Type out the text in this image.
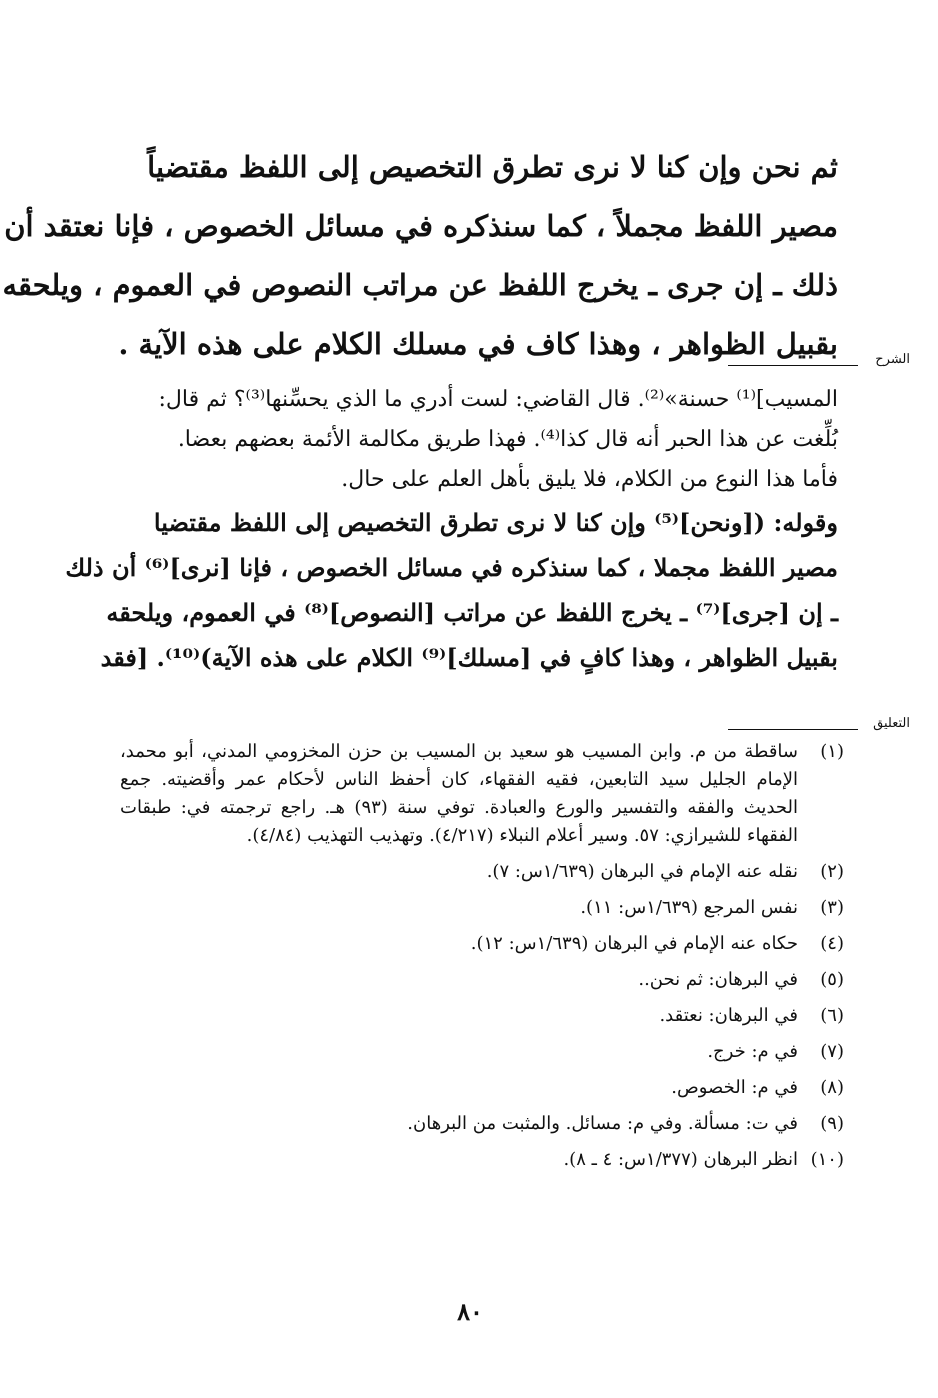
ثم نحن وإن كنا لا نرى تطرق التخصيص إلى اللفظ مقتضياً
مصير اللفظ مجملاً ، كما سنذكره في مسائل الخصوص ، فإنا نعتقد أن
ذلك ـ إن جرى ـ يخرج اللفظ عن مراتب النصوص في العموم ، ويلحقه
بقبيل الظواهر ، وهذا كاف في مسلك الكلام على هذه الآية .	الشرح
المسيب]⁽¹⁾ حسنة»⁽²⁾. قال القاضي: لست أدري ما الذي يحسِّنها⁽³⁾؟ ثم قال:
بُلِّغت عن هذا الحبر أنه قال كذا⁽⁴⁾. فهذا طريق مكالمة الأئمة بعضهم بعضا.
فأما هذا النوع من الكلام، فلا يليق بأهل العلم على حال.
وقوله: ([ونحن]⁽⁵⁾ وإن كنا لا نرى تطرق التخصيص إلى اللفظ مقتضيا
مصير اللفظ مجملا ، كما سنذكره في مسائل الخصوص ، فإنا [نرى]⁽⁶⁾ أن ذلك
ـ إن [جرى]⁽⁷⁾ ـ يخرج اللفظ عن مراتب [النصوص]⁽⁸⁾ في العموم، ويلحقه
بقبيل الظواهر ، وهذا كافٍ في [مسلك]⁽⁹⁾ الكلام على هذه الآية)⁽¹⁰⁾. [فقد
التعليق
(١)
ساقطة من م. وابن المسيب هو سعيد بن المسيب بن حزن المخزومي المدني، أبو محمد، الإمام الجليل سيد التابعين، فقيه الفقهاء، كان أحفظ الناس لأحكام عمر وأقضيته. جمع الحديث والفقه والتفسير والورع والعبادة. توفي سنة (٩٣) هـ. راجع ترجمته في: طبقات الفقهاء للشيرازي: ٥٧. وسير أعلام النبلاء (٤/٢١٧). وتهذيب التهذيب (٤/٨٤).
(٢)
نقله عنه الإمام في البرهان (١/٦٣٩س: ٧).
(٣)
نفس المرجع (١/٦٣٩س: ١١).
(٤)
حكاه عنه الإمام في البرهان (١/٦٣٩س: ١٢).
(٥)
في البرهان: ثم نحن..
(٦)
في البرهان: نعتقد.
(٧)
في م: خرج.
(٨)
في م: الخصوص.
(٩)
في ت: مسألة. وفي م: مسائل. والمثبت من البرهان.
(١٠)
انظر البرهان (١/٣٧٧س: ٤ ـ ٨).
٨٠
